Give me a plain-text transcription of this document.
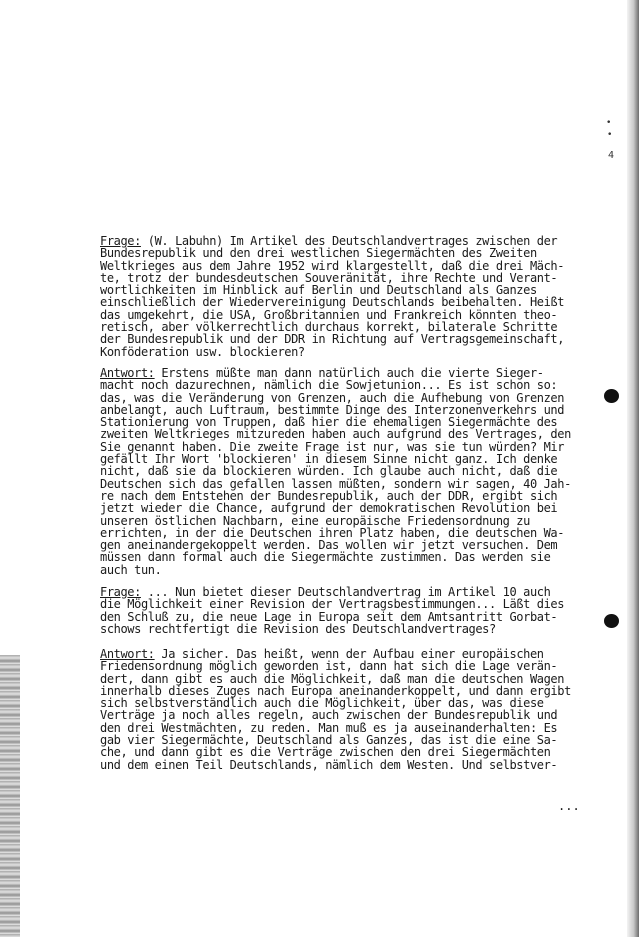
•
•
4
Frage: (W. Labuhn) Im Artikel des Deutschlandvertrages zwischen der
Bundesrepublik und den drei westlichen Siegermächten des Zweiten
Weltkrieges aus dem Jahre 1952 wird klargestellt, daß die drei Mäch-
te, trotz der bundesdeutschen Souveränität, ihre Rechte und Verant-
wortlichkeiten im Hinblick auf Berlin und Deutschland als Ganzes
einschließlich der Wiedervereinigung Deutschlands beibehalten. Heißt
das umgekehrt, die USA, Großbritannien und Frankreich könnten theo-
retisch, aber völkerrechtlich durchaus korrekt, bilaterale Schritte
der Bundesrepublik und der DDR in Richtung auf Vertragsgemeinschaft,
Konföderation usw. blockieren?
Antwort: Erstens müßte man dann natürlich auch die vierte Sieger-
macht noch dazurechnen, nämlich die Sowjetunion... Es ist schon so:
das, was die Veränderung von Grenzen, auch die Aufhebung von Grenzen
anbelangt, auch Luftraum, bestimmte Dinge des Interzonenverkehrs und
Stationierung von Truppen, daß hier die ehemaligen Siegermächte des
zweiten Weltkrieges mitzureden haben auch aufgrund des Vertrages, den
Sie genannt haben. Die zweite Frage ist nur, was sie tun würden? Mir
gefällt Ihr Wort 'blockieren' in diesem Sinne nicht ganz. Ich denke
nicht, daß sie da blockieren würden. Ich glaube auch nicht, daß die
Deutschen sich das gefallen lassen müßten, sondern wir sagen, 40 Jah-
re nach dem Entstehen der Bundesrepublik, auch der DDR, ergibt sich
jetzt wieder die Chance, aufgrund der demokratischen Revolution bei
unseren östlichen Nachbarn, eine europäische Friedensordnung zu
errichten, in der die Deutschen ihren Platz haben, die deutschen Wa-
gen aneinandergekoppelt werden. Das wollen wir jetzt versuchen. Dem
müssen dann formal auch die Siegermächte zustimmen. Das werden sie
auch tun.
Frage: ... Nun bietet dieser Deutschlandvertrag im Artikel 10 auch
die Möglichkeit einer Revision der Vertragsbestimmungen... Läßt dies
den Schluß zu, die neue Lage in Europa seit dem Amtsantritt Gorbat-
schows rechtfertigt die Revision des Deutschlandvertrages?
Antwort: Ja sicher. Das heißt, wenn der Aufbau einer europäischen
Friedensordnung möglich geworden ist, dann hat sich die Lage verän-
dert, dann gibt es auch die Möglichkeit, daß man die deutschen Wagen
innerhalb dieses Zuges nach Europa aneinanderkoppelt, und dann ergibt
sich selbstverständlich auch die Möglichkeit, über das, was diese
Verträge ja noch alles regeln, auch zwischen der Bundesrepublik und
den drei Westmächten, zu reden. Man muß es ja auseinanderhalten: Es
gab vier Siegermächte, Deutschland als Ganzes, das ist die eine Sa-
che, und dann gibt es die Verträge zwischen den drei Siegermächten
und dem einen Teil Deutschlands, nämlich dem Westen. Und selbstver-
...
